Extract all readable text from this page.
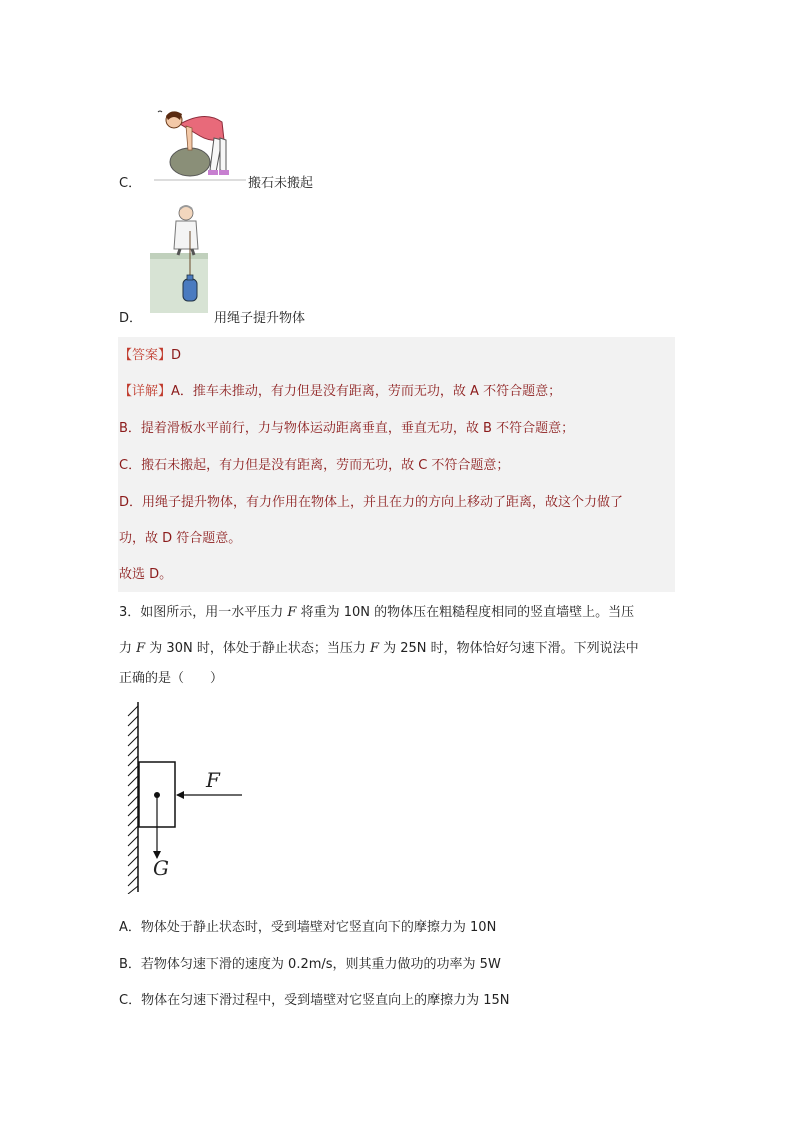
C．	搬石未搬起
D．	用绳子提升物体
【答案】D
【详解】A．推车未推动，有力但是没有距离，劳而无功，故 A 不符合题意；
B．提着滑板水平前行，力与物体运动距离垂直，垂直无功，故 B 不符合题意；
C．搬石未搬起，有力但是没有距离，劳而无功，故 C 不符合题意；
D．用绳子提升物体，有力作用在物体上，并且在力的方向上移动了距离，故这个力做了
功，故 D 符合题意。
故选 D。
3．如图所示，用一水平压力 F 将重为 10N 的物体压在粗糙程度相同的竖直墙壁上。当压
力 F 为 30N 时，体处于静止状态；当压力 F 为 25N 时，物体恰好匀速下滑。下列说法中
正确的是（　　）
F
G
A．物体处于静止状态时，受到墙壁对它竖直向下的摩擦力为 10N
B．若物体匀速下滑的速度为 0.2m/s，则其重力做功的功率为 5W
C．物体在匀速下滑过程中，受到墙壁对它竖直向上的摩擦力为 15N
